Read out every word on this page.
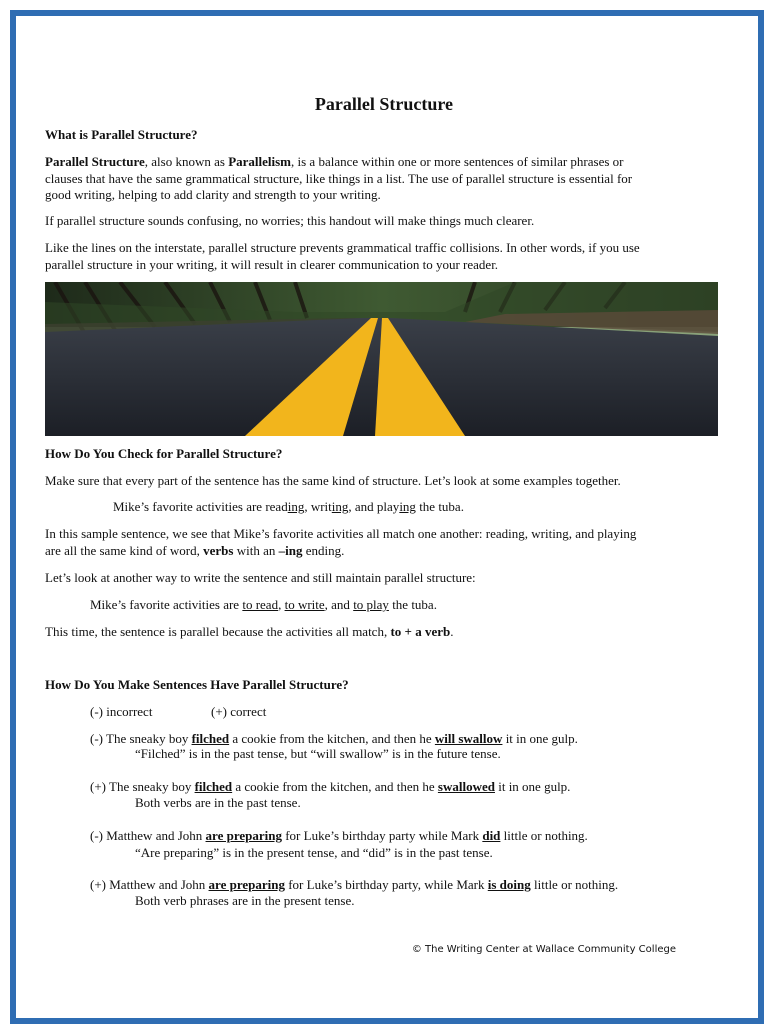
Parallel Structure
What is Parallel Structure?
Parallel Structure, also known as Parallelism, is a balance within one or more sentences of similar phrases or
clauses that have the same grammatical structure, like things in a list. The use of parallel structure is essential for
good writing, helping to add clarity and strength to your writing.
If parallel structure sounds confusing, no worries; this handout will make things much clearer.
Like the lines on the interstate, parallel structure prevents grammatical traffic collisions. In other words, if you use
parallel structure in your writing, it will result in clearer communication to your reader.
How Do You Check for Parallel Structure?
Make sure that every part of the sentence has the same kind of structure. Let’s look at some examples together.
Mike’s favorite activities are reading, writing, and playing the tuba.
In this sample sentence, we see that Mike’s favorite activities all match one another: reading, writing, and playing
are all the same kind of word, verbs with an –ing ending.
Let’s look at another way to write the sentence and still maintain parallel structure:
Mike’s favorite activities are to read, to write, and to play the tuba.
This time, the sentence is parallel because the activities all match, to + a verb.
How Do You Make Sentences Have Parallel Structure?
(-) incorrect	(+) correct
(-) The sneaky boy filched a cookie from the kitchen, and then he will swallow it in one gulp.
“Filched” is in the past tense, but “will swallow” is in the future tense.
(+) The sneaky boy filched a cookie from the kitchen, and then he swallowed it in one gulp.
Both verbs are in the past tense.
(-) Matthew and John are preparing for Luke’s birthday party while Mark did little or nothing.
“Are preparing” is in the present tense, and “did” is in the past tense.
(+) Matthew and John are preparing for Luke’s birthday party, while Mark is doing little or nothing.
Both verb phrases are in the present tense.
© The Writing Center at Wallace Community College
